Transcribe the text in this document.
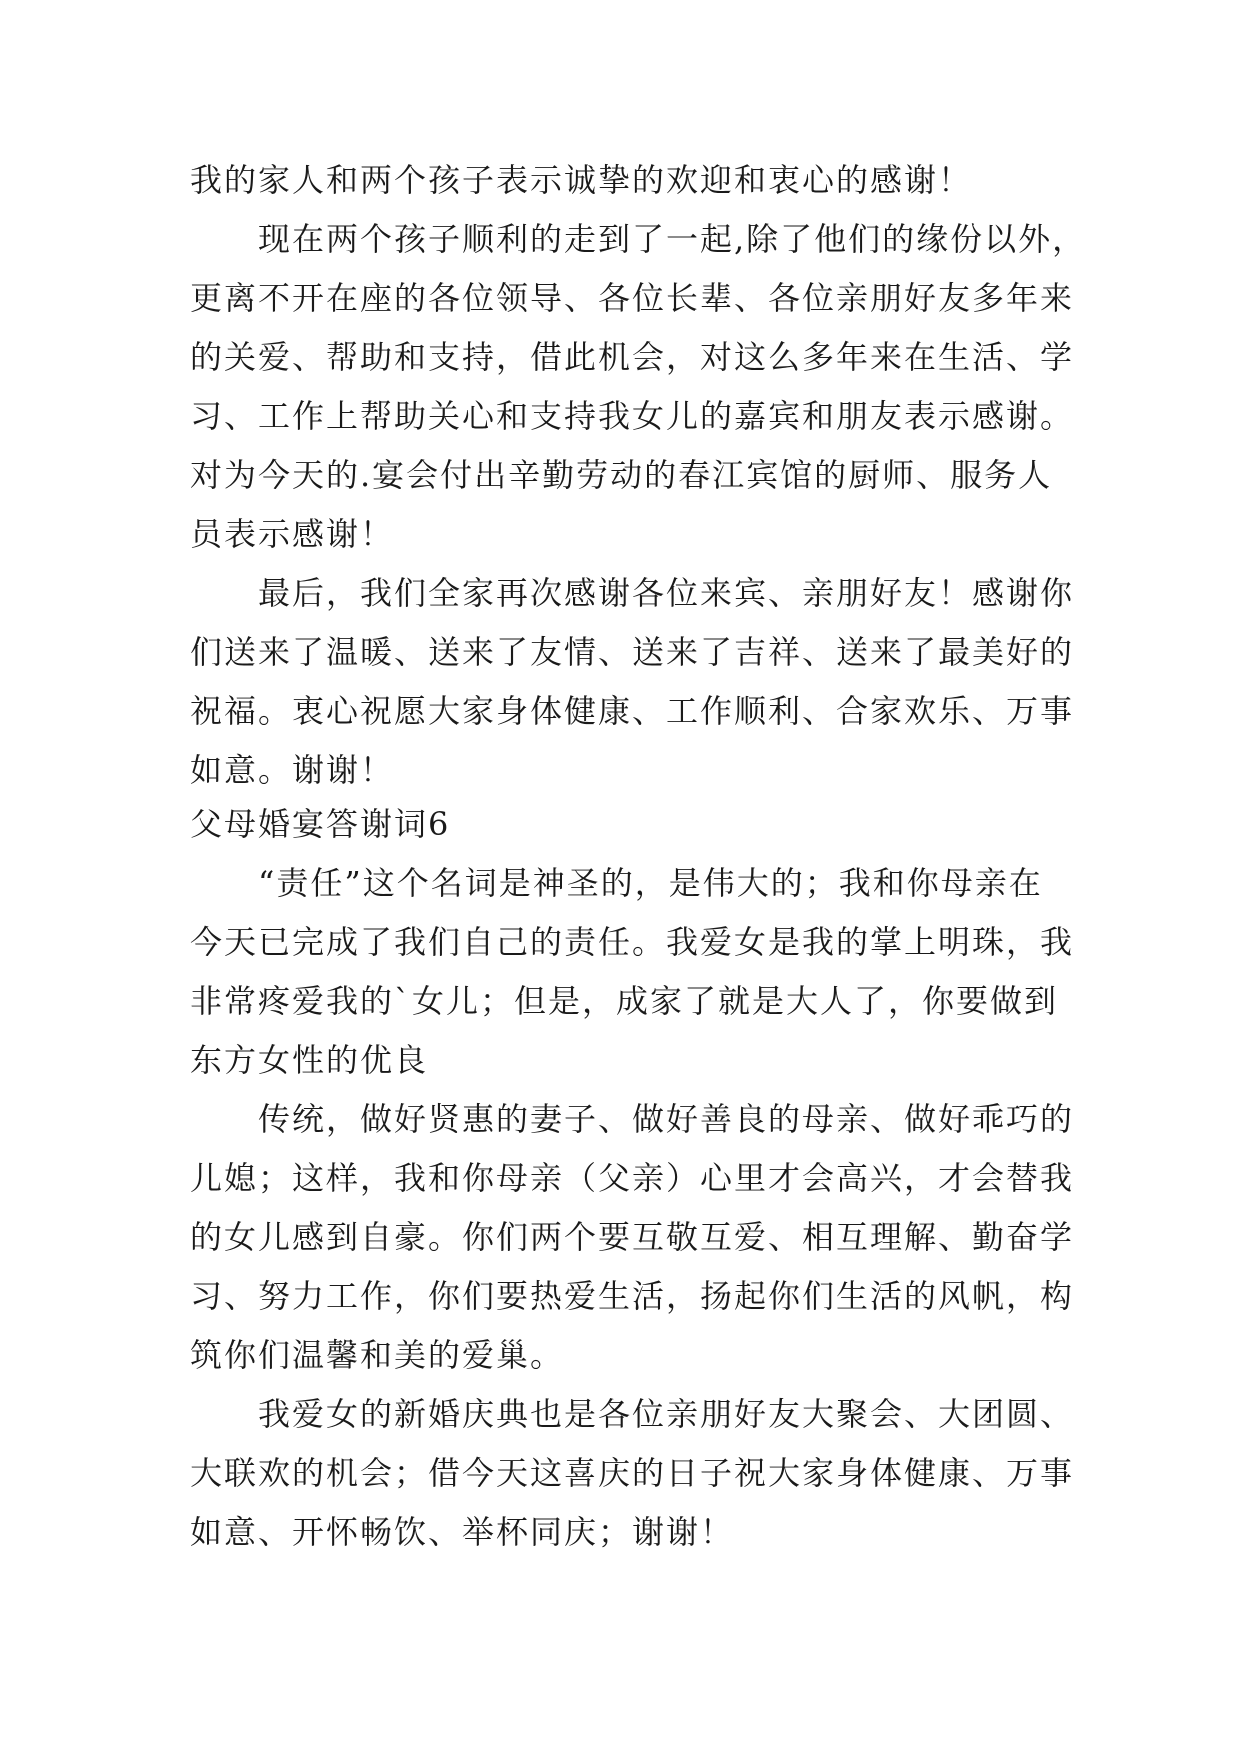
我的家人和两个孩子表示诚挚的欢迎和衷心的感谢！
现在两个孩子顺利的走到了一起,除了他们的缘份以外，
更离不开在座的各位领导、各位长辈、各位亲朋好友多年来
的关爱、帮助和支持，借此机会，对这么多年来在生活、学
习、工作上帮助关心和支持我女儿的嘉宾和朋友表示感谢。
对为今天的.宴会付出辛勤劳动的春江宾馆的厨师、服务人
员表示感谢！
最后，我们全家再次感谢各位来宾、亲朋好友！感谢你
们送来了温暖、送来了友情、送来了吉祥、送来了最美好的
祝福。衷心祝愿大家身体健康、工作顺利、合家欢乐、万事
如意。谢谢！
父母婚宴答谢词6
“责任”这个名词是神圣的，是伟大的；我和你母亲在
今天已完成了我们自己的责任。我爱女是我的掌上明珠，我
非常疼爱我的`女儿；但是，成家了就是大人了，你要做到
东方女性的优良
传统，做好贤惠的妻子、做好善良的母亲、做好乖巧的
儿媳；这样，我和你母亲（父亲）心里才会高兴，才会替我
的女儿感到自豪。你们两个要互敬互爱、相互理解、勤奋学
习、努力工作，你们要热爱生活，扬起你们生活的风帆，构
筑你们温馨和美的爱巢。
我爱女的新婚庆典也是各位亲朋好友大聚会、大团圆、
大联欢的机会；借今天这喜庆的日子祝大家身体健康、万事
如意、开怀畅饮、举杯同庆；谢谢！
